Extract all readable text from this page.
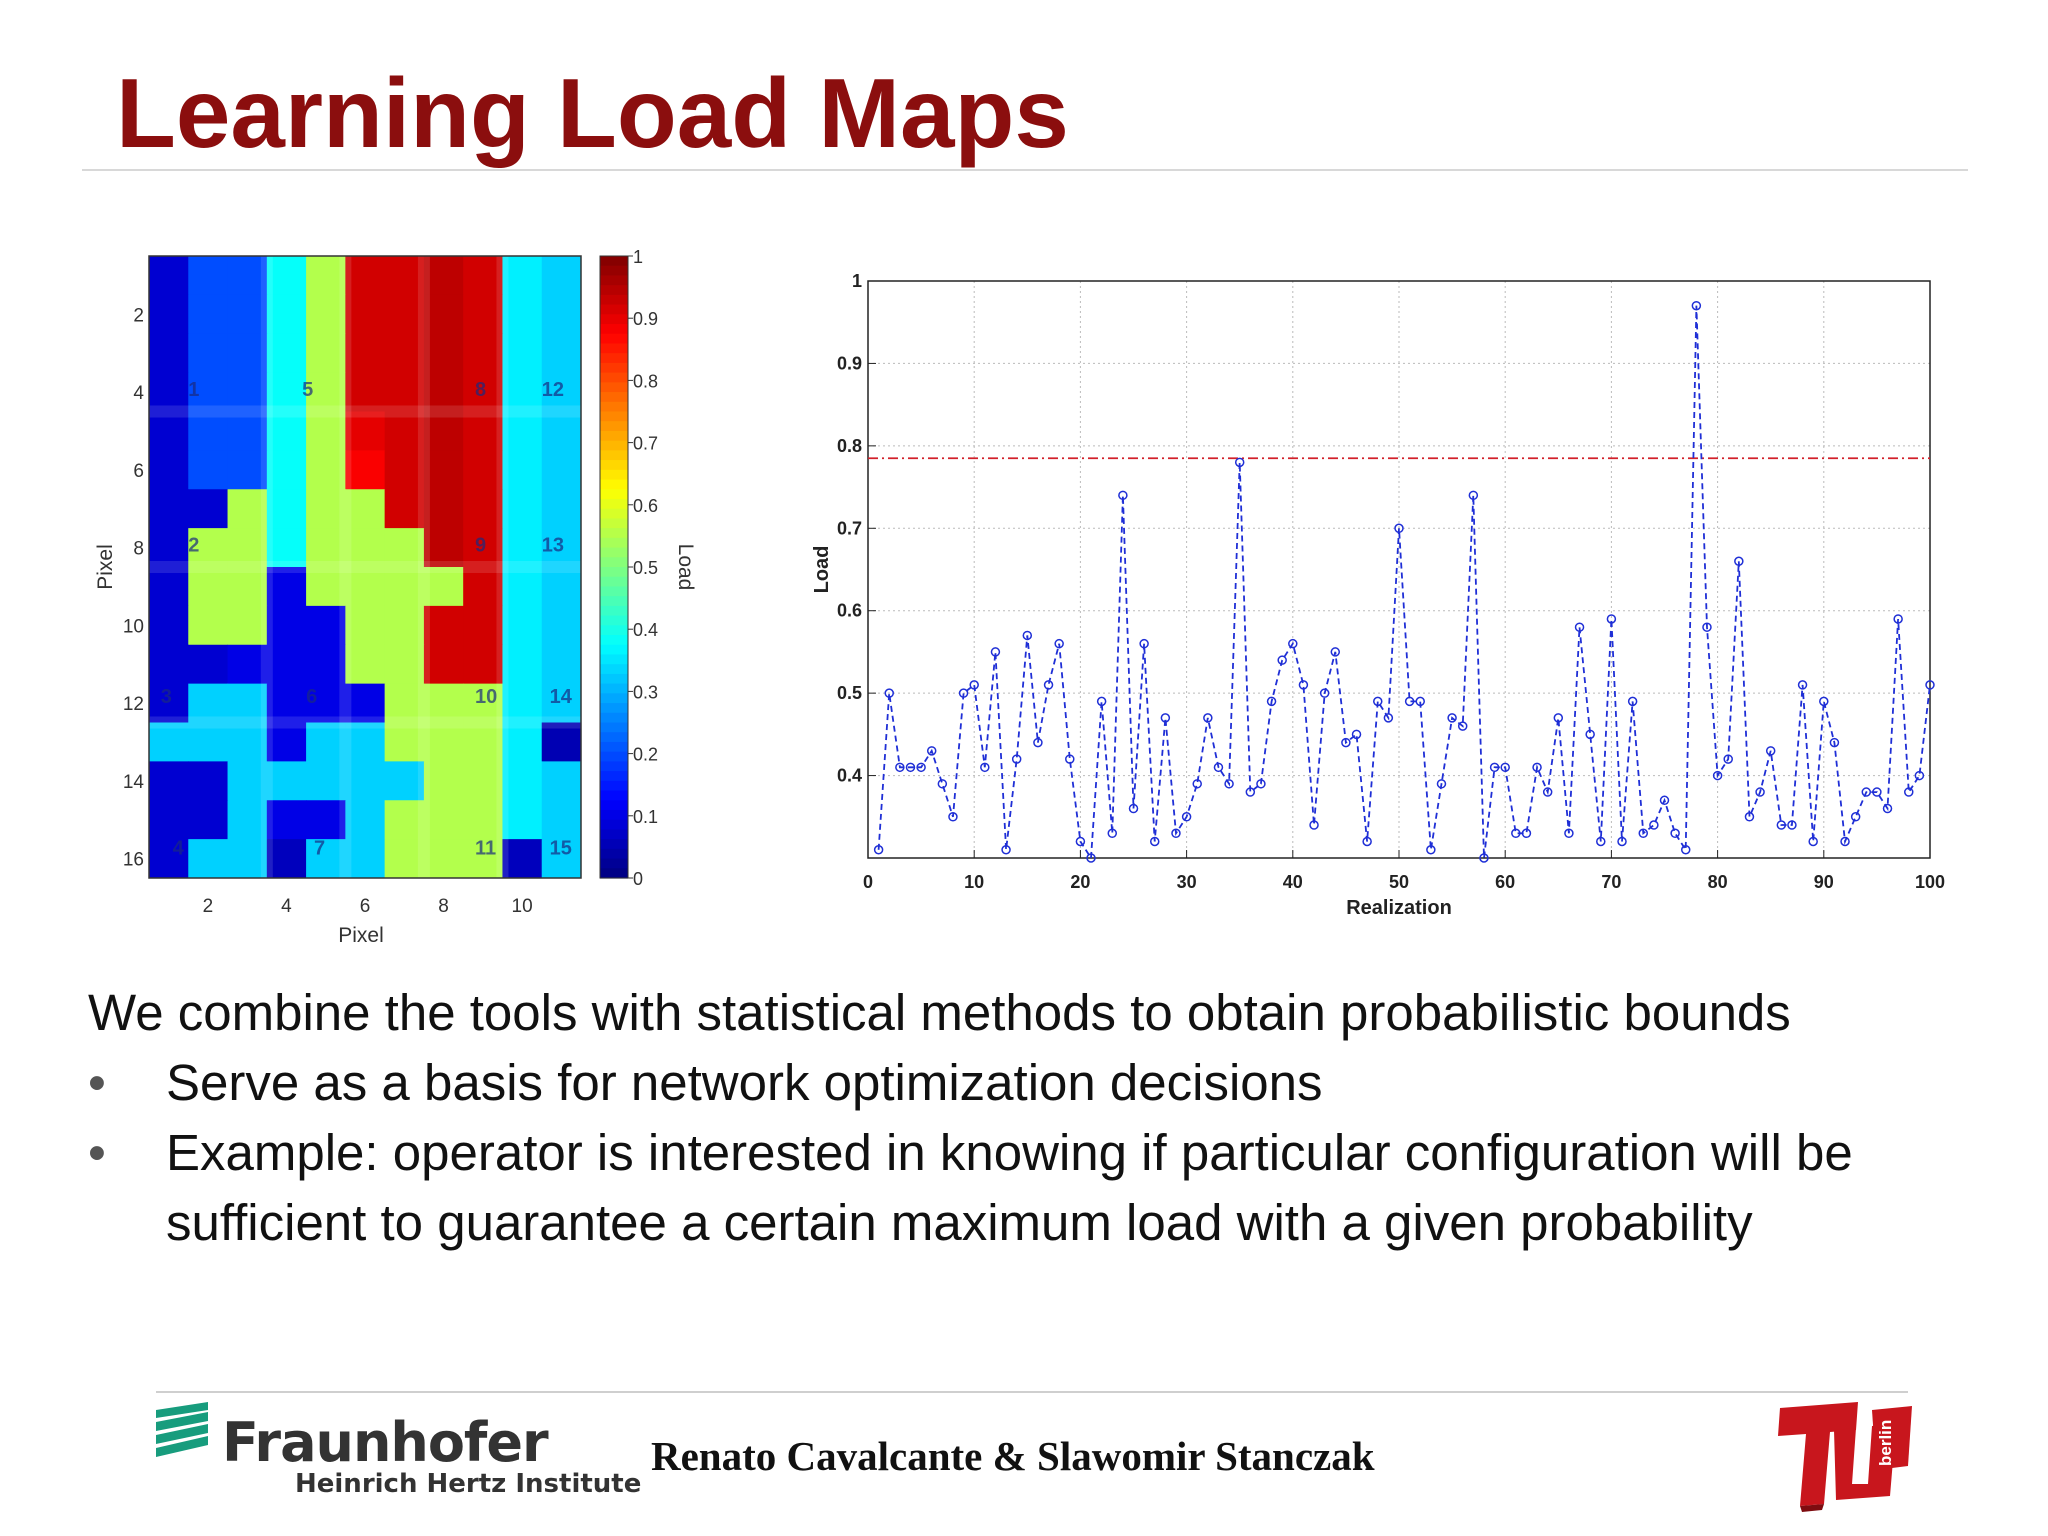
Learning Load Maps
1
2
3
4
5
6
7
8
9
10
11
12
13
14
15
2	4	6	8	10
2
4
6
8
10
12
14
16
Pixel
Pixel
0
0.1
0.2
0.3
0.4
0.5
0.6
0.7
0.8
0.9
1
Load
0	10	20	30	40	50	60	70	80	90	100
0.4
0.5
0.6
0.7
0.8
0.9
1
Realization
Load
We combine the tools with statistical methods to obtain probabilistic bounds
• Serve as a basis for network optimization decisions
• Example: operator is interested in knowing if particular configuration will be sufficient to guarantee a certain maximum load with a given probability
Fraunhofer
Heinrich Hertz Institute
Renato Cavalcante & Slawomir Stanczak	berlin
